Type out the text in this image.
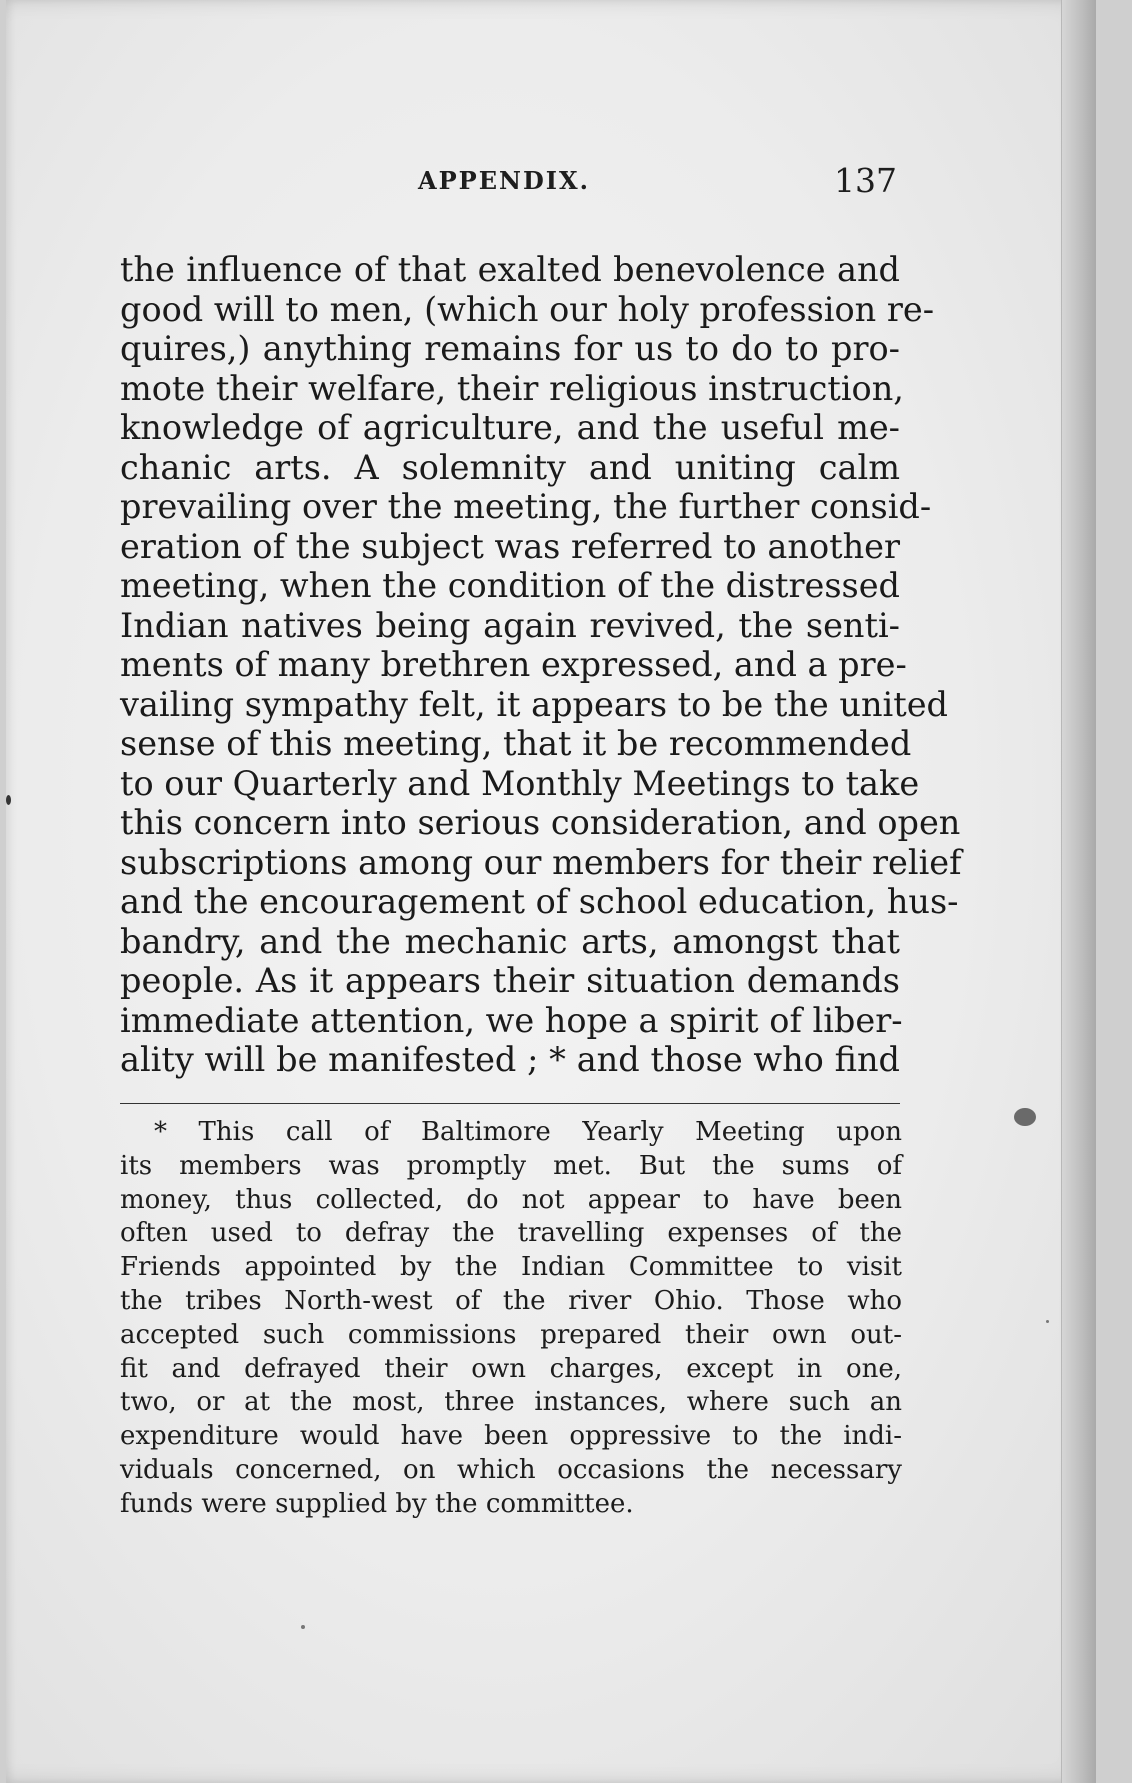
APPENDIX.	137
the influence of that exalted benevolence and
good will to men, (which our holy profession re-
quires,) anything remains for us to do to pro-
mote their welfare, their religious instruction,
knowledge of agriculture, and the useful me-
chanic arts. A solemnity and uniting calm
prevailing over the meeting, the further consid-
eration of the subject was referred to another
meeting, when the condition of the distressed
Indian natives being again revived, the senti-
ments of many brethren expressed, and a pre-
vailing sympathy felt, it appears to be the united
sense of this meeting, that it be recommended
to our Quarterly and Monthly Meetings to take
this concern into serious consideration, and open
subscriptions among our members for their relief
and the encouragement of school education, hus-
bandry, and the mechanic arts, amongst that
people. As it appears their situation demands
immediate attention, we hope a spirit of liber-
ality will be manifested ; * and those who find
* This call of Baltimore Yearly Meeting upon
its members was promptly met. But the sums of
money, thus collected, do not appear to have been
often used to defray the travelling expenses of the
Friends appointed by the Indian Committee to visit
the tribes North-west of the river Ohio. Those who
accepted such commissions prepared their own out-
fit and defrayed their own charges, except in one,
two, or at the most, three instances, where such an
expenditure would have been oppressive to the indi-
viduals concerned, on which occasions the necessary
funds were supplied by the committee.
